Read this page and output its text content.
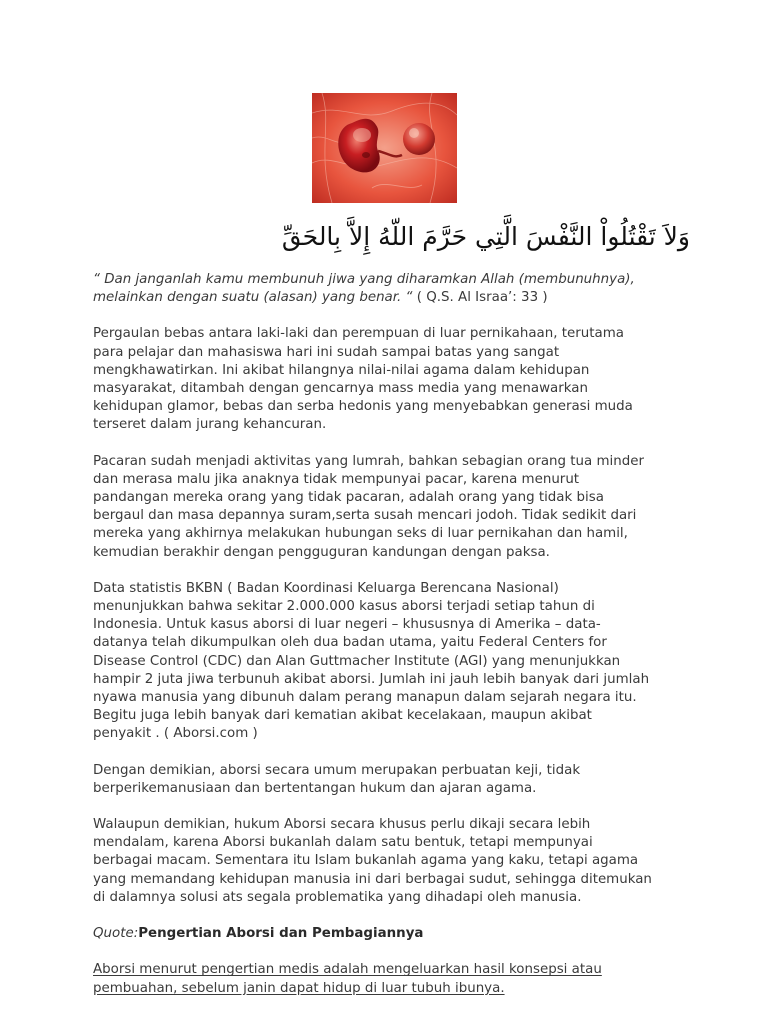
وَلاَ تَقْتُلُواْ النَّفْسَ الَّتِي حَرَّمَ اللّهُ إِلاَّ بِالحَقِّ

“ Dan janganlah kamu membunuh jiwa yang diharamkan Allah (membunuhnya), melainkan dengan suatu (alasan) yang benar. “ ( Q.S. Al Israa’: 33 )

Pergaulan bebas antara laki-laki dan perempuan di luar pernikahaan, terutama para pelajar dan mahasiswa hari ini sudah sampai batas yang sangat mengkhawatirkan. Ini akibat hilangnya nilai-nilai agama dalam kehidupan masyarakat, ditambah dengan gencarnya mass media yang menawarkan kehidupan glamor, bebas dan serba hedonis yang menyebabkan generasi muda terseret dalam jurang kehancuran.

Pacaran sudah menjadi aktivitas yang lumrah, bahkan sebagian orang tua minder dan merasa malu jika anaknya tidak mempunyai pacar, karena menurut pandangan mereka orang yang tidak pacaran, adalah orang yang tidak bisa bergaul dan masa depannya suram,serta susah mencari jodoh. Tidak sedikit dari mereka yang akhirnya melakukan hubungan seks di luar pernikahan dan hamil, kemudian berakhir dengan pengguguran kandungan dengan paksa.

Data statistis BKBN ( Badan Koordinasi Keluarga Berencana Nasional) menunjukkan bahwa sekitar 2.000.000 kasus aborsi terjadi setiap tahun di Indonesia. Untuk kasus aborsi di luar negeri – khususnya di Amerika – data-datanya telah dikumpulkan oleh dua badan utama, yaitu Federal Centers for Disease Control (CDC) dan Alan Guttmacher Institute (AGI) yang menunjukkan hampir 2 juta jiwa terbunuh akibat aborsi. Jumlah ini jauh lebih banyak dari jumlah nyawa manusia yang dibunuh dalam perang manapun dalam sejarah negara itu. Begitu juga lebih banyak dari kematian akibat kecelakaan, maupun akibat penyakit . ( Aborsi.com )

Dengan demikian, aborsi secara umum merupakan perbuatan keji, tidak berperikemanusiaan dan bertentangan hukum dan ajaran agama.

Walaupun demikian, hukum Aborsi secara khusus perlu dikaji secara lebih mendalam, karena Aborsi bukanlah dalam satu bentuk, tetapi mempunyai berbagai macam. Sementara itu Islam bukanlah agama yang kaku, tetapi agama yang memandang kehidupan manusia ini dari berbagai sudut, sehingga ditemukan di dalamnya solusi ats segala problematika yang dihadapi oleh manusia.

Quote:Pengertian Aborsi dan Pembagiannya

Aborsi menurut pengertian medis adalah mengeluarkan hasil konsepsi atau pembuahan, sebelum janin dapat hidup di luar tubuh ibunya.
